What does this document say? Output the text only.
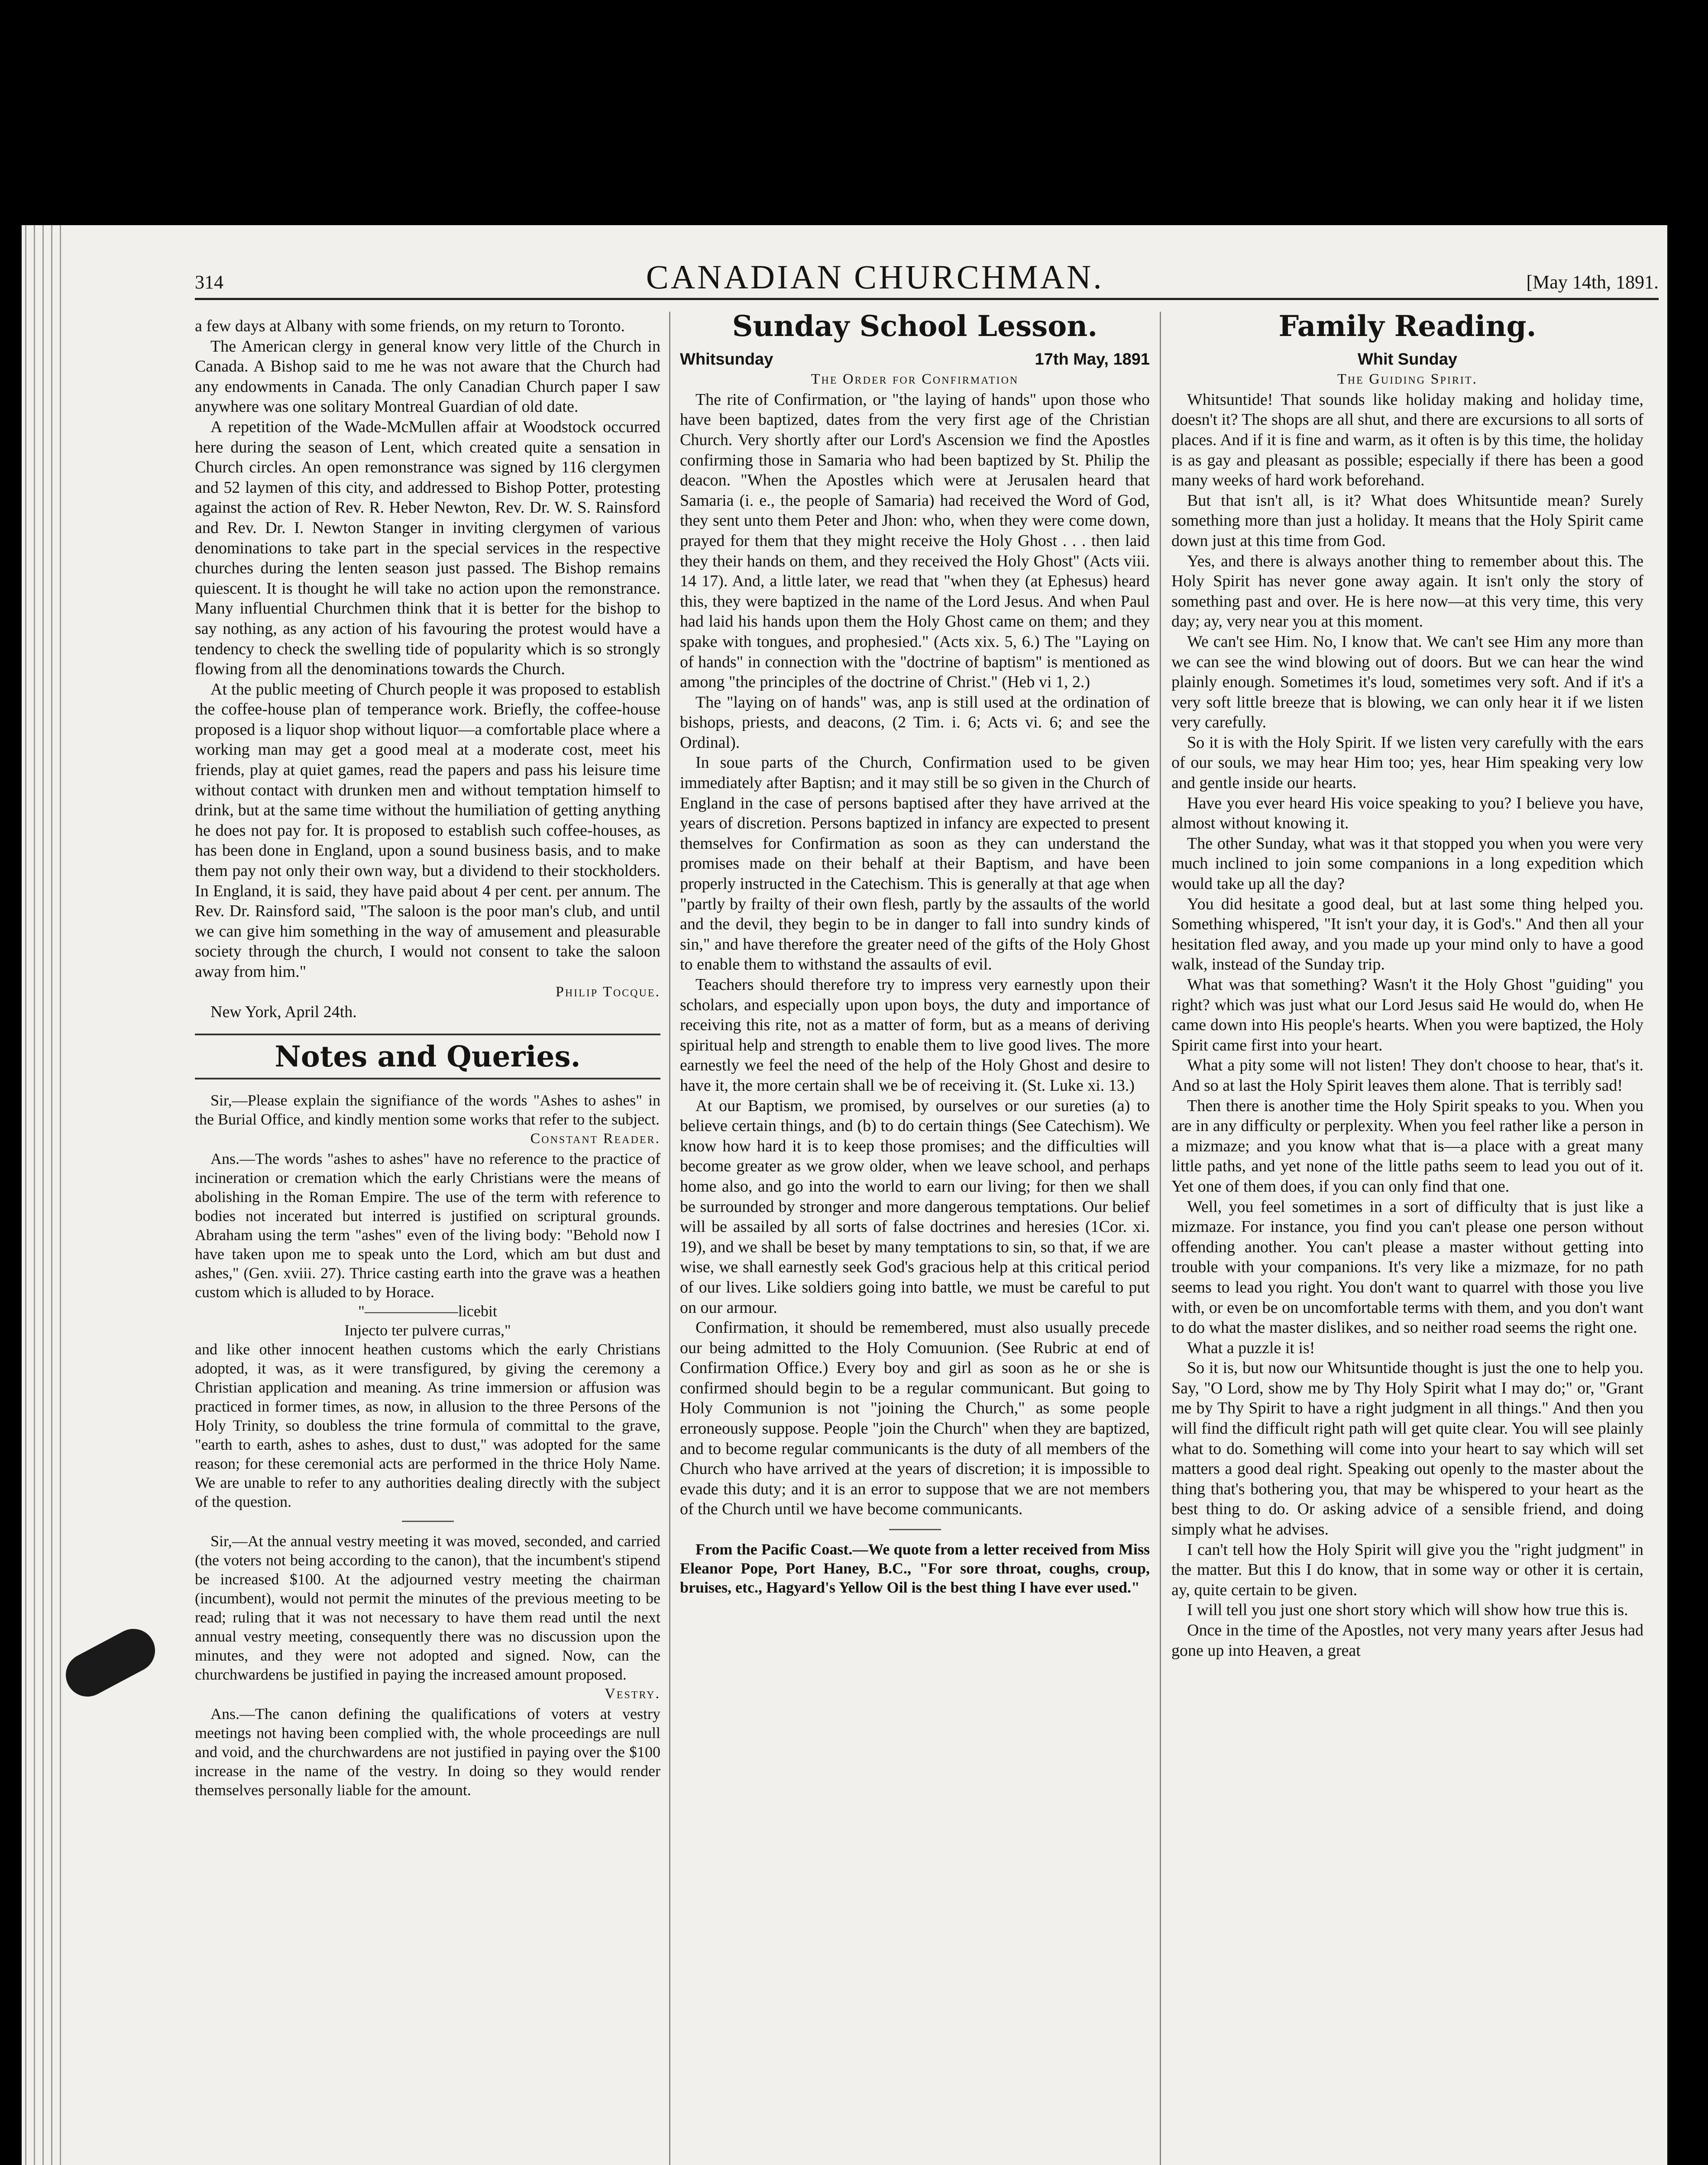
314	CANADIAN CHURCHMAN.	[May 14th, 1891.

a few days at Albany with some friends, on my return to Toronto.

The American clergy in general know very little of the Church in Canada. A Bishop said to me he was not aware that the Church had any endowments in Canada. The only Canadian Church paper I saw anywhere was one solitary Montreal Guardian of old date.

A repetition of the Wade-McMullen affair at Woodstock occurred here during the season of Lent, which created quite a sensation in Church circles. An open remonstrance was signed by 116 clergymen and 52 laymen of this city, and addressed to Bishop Potter, protesting against the action of Rev. R. Heber Newton, Rev. Dr. W. S. Rainsford and Rev. Dr. I. Newton Stanger in inviting clergymen of various denominations to take part in the special services in the respective churches during the lenten season just passed. The Bishop remains quiescent. It is thought he will take no action upon the remonstrance. Many influential Churchmen think that it is better for the bishop to say nothing, as any action of his favouring the protest would have a tendency to check the swelling tide of popularity which is so strongly flowing from all the denominations towards the Church.

At the public meeting of Church people it was proposed to establish the coffee-house plan of temperance work. Briefly, the coffee-house proposed is a liquor shop without liquor—a comfortable place where a working man may get a good meal at a moderate cost, meet his friends, play at quiet games, read the papers and pass his leisure time without contact with drunken men and without temptation himself to drink, but at the same time without the humiliation of getting anything he does not pay for. It is proposed to establish such coffee-houses, as has been done in England, upon a sound business basis, and to make them pay not only their own way, but a dividend to their stockholders. In England, it is said, they have paid about 4 per cent. per annum. The Rev. Dr. Rainsford said, "The saloon is the poor man's club, and until we can give him something in the way of amusement and pleasurable society through the church, I would not consent to take the saloon away from him."

Philip Tocque.

New York, April 24th.

Notes and Queries.

Sir,—Please explain the signifiance of the words "Ashes to ashes" in the Burial Office, and kindly mention some works that refer to the subject.

Constant Reader.

Ans.—The words "ashes to ashes" have no reference to the practice of incineration or cremation which the early Christians were the means of abolishing in the Roman Empire. The use of the term with reference to bodies not incerated but interred is justified on scriptural grounds. Abraham using the term "ashes" even of the living body: "Behold now I have taken upon me to speak unto the Lord, which am but dust and ashes," (Gen. xviii. 27). Thrice casting earth into the grave was a heathen custom which is alluded to by Horace.

"——————licebit

Injecto ter pulvere curras,"

and like other innocent heathen customs which the early Christians adopted, it was, as it were transfigured, by giving the ceremony a Christian application and meaning. As trine immersion or affusion was practiced in former times, as now, in allusion to the three Persons of the Holy Trinity, so doubless the trine formula of committal to the grave, "earth to earth, ashes to ashes, dust to dust," was adopted for the same reason; for these ceremonial acts are performed in the thrice Holy Name. We are unable to refer to any authorities dealing directly with the subject of the question.

Sir,—At the annual vestry meeting it was moved, seconded, and carried (the voters not being according to the canon), that the incumbent's stipend be increased $100. At the adjourned vestry meeting the chairman (incumbent), would not permit the minutes of the previous meeting to be read; ruling that it was not necessary to have them read until the next annual vestry meeting, consequently there was no discussion upon the minutes, and they were not adopted and signed. Now, can the churchwardens be justified in paying the increased amount proposed.

Vestry.

Ans.—The canon defining the qualifications of voters at vestry meetings not having been complied with, the whole proceedings are null and void, and the churchwardens are not justified in paying over the $100 increase in the name of the vestry. In doing so they would render themselves personally liable for the amount.

Sunday School Lesson.
Whitsunday	17th May, 1891

The Order for Confirmation

The rite of Confirmation, or "the laying of hands" upon those who have been baptized, dates from the very first age of the Christian Church. Very shortly after our Lord's Ascension we find the Apostles confirming those in Samaria who had been baptized by St. Philip the deacon. "When the Apostles which were at Jerusalen heard that Samaria (i. e., the people of Samaria) had received the Word of God, they sent unto them Peter and Jhon: who, when they were come down, prayed for them that they might receive the Holy Ghost . . . then laid they their hands on them, and they received the Holy Ghost" (Acts viii. 14 17). And, a little later, we read that "when they (at Ephesus) heard this, they were baptized in the name of the Lord Jesus. And when Paul had laid his hands upon them the Holy Ghost came on them; and they spake with tongues, and prophesied." (Acts xix. 5, 6.) The "Laying on of hands" in connection with the "doctrine of baptism" is mentioned as among "the principles of the doctrine of Christ." (Heb vi 1, 2.)

The "laying on of hands" was, anp is still used at the ordination of bishops, priests, and deacons, (2 Tim. i. 6; Acts vi. 6; and see the Ordinal).

In soue parts of the Church, Confirmation used to be given immediately after Baptisn; and it may still be so given in the Church of England in the case of persons baptised after they have arrived at the years of discretion. Persons baptized in infancy are expected to present themselves for Confirmation as soon as they can understand the promises made on their behalf at their Baptism, and have been properly instructed in the Catechism. This is generally at that age when "partly by frailty of their own flesh, partly by the assaults of the world and the devil, they begin to be in danger to fall into sundry kinds of sin," and have therefore the greater need of the gifts of the Holy Ghost to enable them to withstand the assaults of evil.

Teachers should therefore try to impress very earnestly upon their scholars, and especially upon upon boys, the duty and importance of receiving this rite, not as a matter of form, but as a means of deriving spiritual help and strength to enable them to live good lives. The more earnestly we feel the need of the help of the Holy Ghost and desire to have it, the more certain shall we be of receiving it. (St. Luke xi. 13.)

At our Baptism, we promised, by ourselves or our sureties (a) to believe certain things, and (b) to do certain things (See Catechism). We know how hard it is to keep those promises; and the difficulties will become greater as we grow older, when we leave school, and perhaps home also, and go into the world to earn our living; for then we shall be surrounded by stronger and more dangerous temptations. Our belief will be assailed by all sorts of false doctrines and heresies (1Cor. xi. 19), and we shall be beset by many temptations to sin, so that, if we are wise, we shall earnestly seek God's gracious help at this critical period of our lives. Like soldiers going into battle, we must be careful to put on our armour.

Confirmation, it should be remembered, must also usually precede our being admitted to the Holy Comuunion. (See Rubric at end of Confirmation Office.) Every boy and girl as soon as he or she is confirmed should begin to be a regular communicant. But going to Holy Communion is not "joining the Church," as some people erroneously suppose. People "join the Church" when they are baptized, and to become regular communicants is the duty of all members of the Church who have arrived at the years of discretion; it is impossible to evade this duty; and it is an error to suppose that we are not members of the Church until we have become communicants.

From the Pacific Coast.—We quote from a letter received from Miss Eleanor Pope, Port Haney, B.C., "For sore throat, coughs, croup, bruises, etc., Hagyard's Yellow Oil is the best thing I have ever used."

Family Reading.

Whit Sunday

The Guiding Spirit.

Whitsuntide! That sounds like holiday making and holiday time, doesn't it? The shops are all shut, and there are excursions to all sorts of places. And if it is fine and warm, as it often is by this time, the holiday is as gay and pleasant as possible; especially if there has been a good many weeks of hard work beforehand.

But that isn't all, is it? What does Whitsuntide mean? Surely something more than just a holiday. It means that the Holy Spirit came down just at this time from God.

Yes, and there is always another thing to remember about this. The Holy Spirit has never gone away again. It isn't only the story of something past and over. He is here now—at this very time, this very day; ay, very near you at this moment.

We can't see Him. No, I know that. We can't see Him any more than we can see the wind blowing out of doors. But we can hear the wind plainly enough. Sometimes it's loud, sometimes very soft. And if it's a very soft little breeze that is blowing, we can only hear it if we listen very carefully.

So it is with the Holy Spirit. If we listen very carefully with the ears of our souls, we may hear Him too; yes, hear Him speaking very low and gentle inside our hearts.

Have you ever heard His voice speaking to you? I believe you have, almost without knowing it.

The other Sunday, what was it that stopped you when you were very much inclined to join some companions in a long expedition which would take up all the day?

You did hesitate a good deal, but at last some thing helped you. Something whispered, "It isn't your day, it is God's." And then all your hesitation fled away, and you made up your mind only to have a good walk, instead of the Sunday trip.

What was that something? Wasn't it the Holy Ghost "guiding" you right? which was just what our Lord Jesus said He would do, when He came down into His people's hearts. When you were baptized, the Holy Spirit came first into your heart.

What a pity some will not listen! They don't choose to hear, that's it. And so at last the Holy Spirit leaves them alone. That is terribly sad!

Then there is another time the Holy Spirit speaks to you. When you are in any difficulty or perplexity. When you feel rather like a person in a mizmaze; and you know what that is—a place with a great many little paths, and yet none of the little paths seem to lead you out of it. Yet one of them does, if you can only find that one.

Well, you feel sometimes in a sort of difficulty that is just like a mizmaze. For instance, you find you can't please one person without offending another. You can't please a master without getting into trouble with your companions. It's very like a mizmaze, for no path seems to lead you right. You don't want to quarrel with those you live with, or even be on uncomfortable terms with them, and you don't want to do what the master dislikes, and so neither road seems the right one.

What a puzzle it is!

So it is, but now our Whitsuntide thought is just the one to help you. Say, "O Lord, show me by Thy Holy Spirit what I may do;" or, "Grant me by Thy Spirit to have a right judgment in all things." And then you will find the difficult right path will get quite clear. You will see plainly what to do. Something will come into your heart to say which will set matters a good deal right. Speaking out openly to the master about the thing that's bothering you, that may be whispered to your heart as the best thing to do. Or asking advice of a sensible friend, and doing simply what he advises.

I can't tell how the Holy Spirit will give you the "right judgment" in the matter. But this I do know, that in some way or other it is certain, ay, quite certain to be given.

I will tell you just one short story which will show how true this is.

Once in the time of the Apostles, not very many years after Jesus had gone up into Heaven, a great
